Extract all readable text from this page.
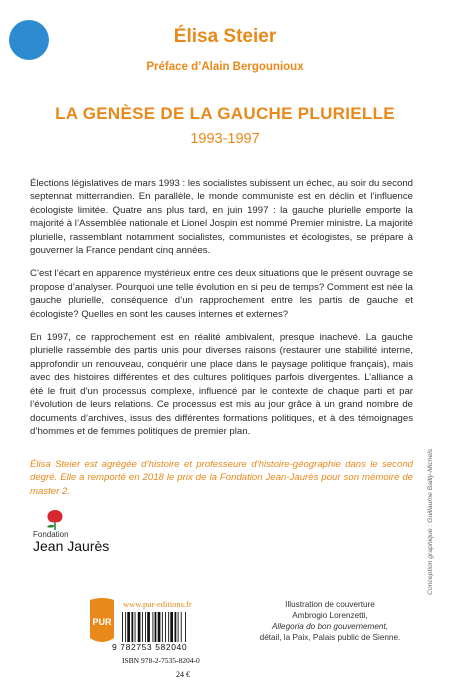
Élisa Steier
Préface d’Alain Bergounioux
LA GENÈSE DE LA GAUCHE PLURIELLE
1993-1997

Élections législatives de mars 1993 : les socialistes subissent un échec, au soir du second septennat mitterrandien. En parallèle, le monde communiste est en déclin et l’influence écologiste limitée. Quatre ans plus tard, en juin 1997 : la gauche plurielle emporte la majorité à l’Assemblée nationale et Lionel Jospin est nommé Premier ministre. La majorité plurielle, rassemblant notamment socialistes, communistes et écologistes, se prépare à gouverner la France pendant cinq années.

C’est l’écart en apparence mystérieux entre ces deux situations que le présent ouvrage se propose d’analyser. Pourquoi une telle évolution en si peu de temps? Comment est née la gauche plurielle, conséquence d’un rapprochement entre les partis de gauche et écologiste? Quelles en sont les causes internes et externes?

En 1997, ce rapprochement est en réalité ambivalent, presque inachevé. La gauche plurielle rassemble des partis unis pour diverses raisons (restaurer une stabilité interne, approfondir un renouveau, conquérir une place dans le paysage politique français), mais avec des histoires différentes et des cultures politiques parfois divergentes. L’alliance a été le fruit d’un processus complexe, influencé par le contexte de chaque parti et par l’évolution de leurs relations. Ce processus est mis au jour grâce à un grand nombre de documents d’archives, issus des différentes formations politiques, et à des témoignages d’hommes et de femmes politiques de premier plan.

Élisa Steier est agrégée d’histoire et professeure d’histoire-géographie dans le second degré. Elle a remporté en 2018 le prix de la Fondation Jean-Jaurès pour son mémoire de master 2.
Fondation
Jean Jaurès	Conception graphique : Guillaume Bailly-Michels
PUR
www.pur-editions.fr
9 782753 582040
ISBN 978-2-7535-8204-0
24 €
Illustration de couverture
Ambrogio Lorenzetti,
Allegoria do bon gouvernement,
détail, la Paix, Palais public de Sienne.
